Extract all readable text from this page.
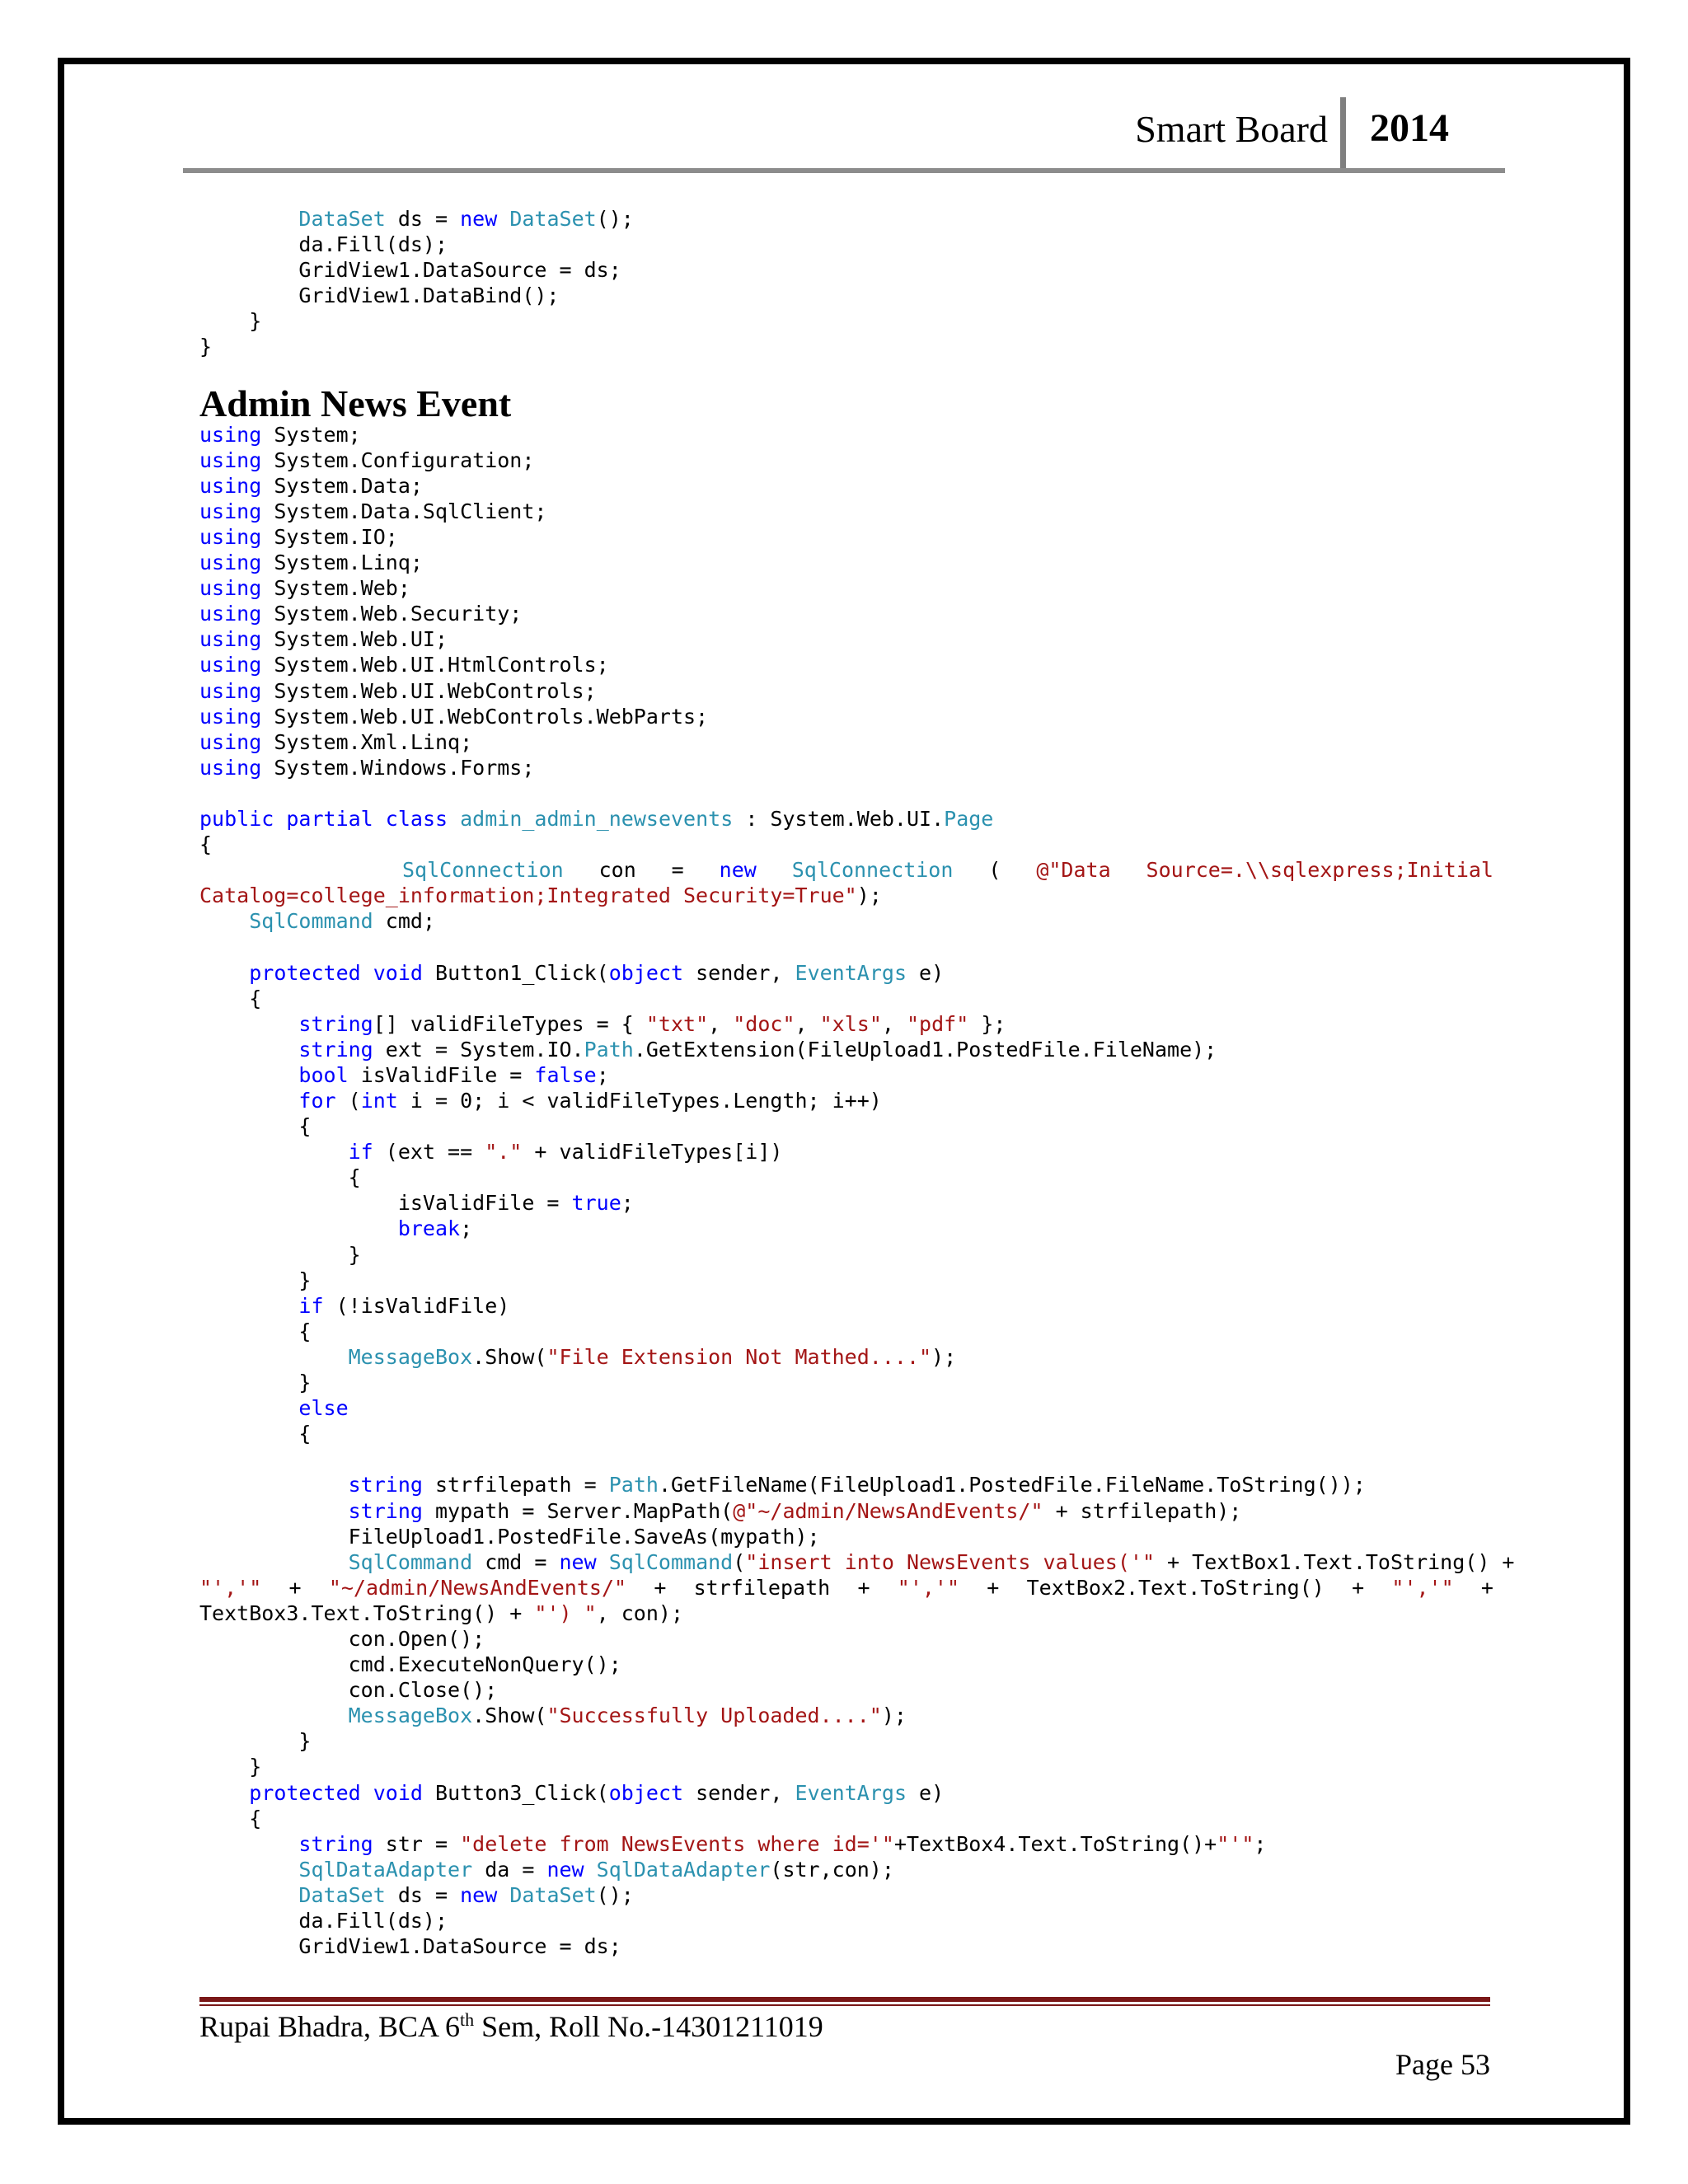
Smart Board 2014
DataSet ds = new DataSet();
da.Fill(ds);
GridView1.DataSource = ds;
GridView1.DataBind();
}
}
Admin News Event
using System;
using System.Configuration;
using System.Data;
using System.Data.SqlClient;
using System.IO;
using System.Linq;
using System.Web;
using System.Web.Security;
using System.Web.UI;
using System.Web.UI.HtmlControls;
using System.Web.UI.WebControls;
using System.Web.UI.WebControls.WebParts;
using System.Xml.Linq;
using System.Windows.Forms;

public partial class admin_admin_newsevents : System.Web.UI.Page
{
SqlConnection con = new SqlConnection ( @"Data Source=.\\sqlexpress;Initial
Catalog=college_information;Integrated Security=True");
SqlCommand cmd;

protected void Button1_Click(object sender, EventArgs e)
{
string[] validFileTypes = { "txt", "doc", "xls", "pdf" };
string ext = System.IO.Path.GetExtension(FileUpload1.PostedFile.FileName);
bool isValidFile = false;
for (int i = 0; i < validFileTypes.Length; i++)
{
if (ext == "." + validFileTypes[i])
{
isValidFile = true;
break;
}
}
if (!isValidFile)
{
MessageBox.Show("File Extension Not Mathed....");
}
else
{

string strfilepath = Path.GetFileName(FileUpload1.PostedFile.FileName.ToString());
string mypath = Server.MapPath(@"~/admin/NewsAndEvents/" + strfilepath);
FileUpload1.PostedFile.SaveAs(mypath);
SqlCommand cmd = new SqlCommand("insert into NewsEvents values('" + TextBox1.Text.ToString() +
"','" + "~/admin/NewsAndEvents/" + strfilepath + "','" + TextBox2.Text.ToString() + "','" +
TextBox3.Text.ToString() + "') ", con);
con.Open();
cmd.ExecuteNonQuery();
con.Close();
MessageBox.Show("Successfully Uploaded....");
}
}
protected void Button3_Click(object sender, EventArgs e)
{
string str = "delete from NewsEvents where id='"+TextBox4.Text.ToString()+"'";
SqlDataAdapter da = new SqlDataAdapter(str,con);
DataSet ds = new DataSet();
da.Fill(ds);
GridView1.DataSource = ds;
Rupai Bhadra, BCA 6th Sem, Roll No.-14301211019
Page 53
